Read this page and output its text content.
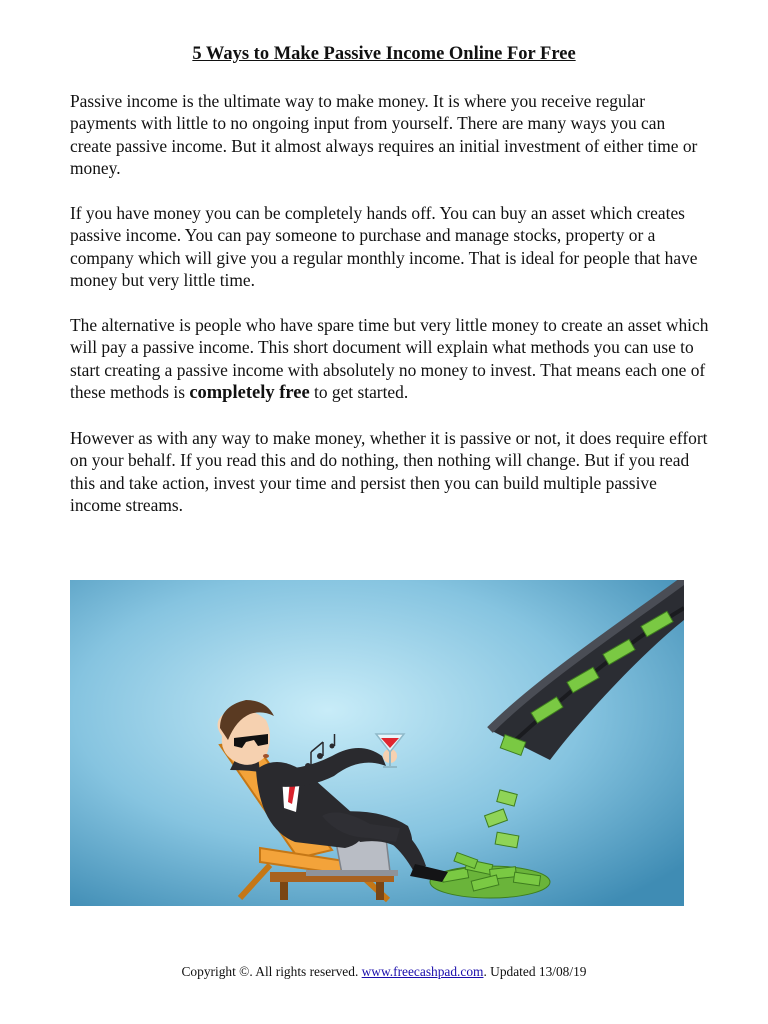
5 Ways to Make Passive Income Online For Free

Passive income is the ultimate way to make money. It is where you receive regular payments with little to no ongoing input from yourself. There are many ways you can create passive income. But it almost always requires an initial investment of either time or money.

If you have money you can be completely hands off. You can buy an asset which creates passive income. You can pay someone to purchase and manage stocks, property or a company which will give you a regular monthly income. That is ideal for people that have money but very little time.

The alternative is people who have spare time but very little money to create an asset which will pay a passive income. This short document will explain what methods you can use to start creating a passive income with absolutely no money to invest. That means each one of these methods is completely free to get started.

However as with any way to make money, whether it is passive or not, it does require effort on your behalf. If you read this and do nothing, then nothing will change. But if you read this and take action, invest your time and persist then you can build multiple passive income streams.

Copyright ©. All rights reserved. www.freecashpad.com. Updated 13/08/19
